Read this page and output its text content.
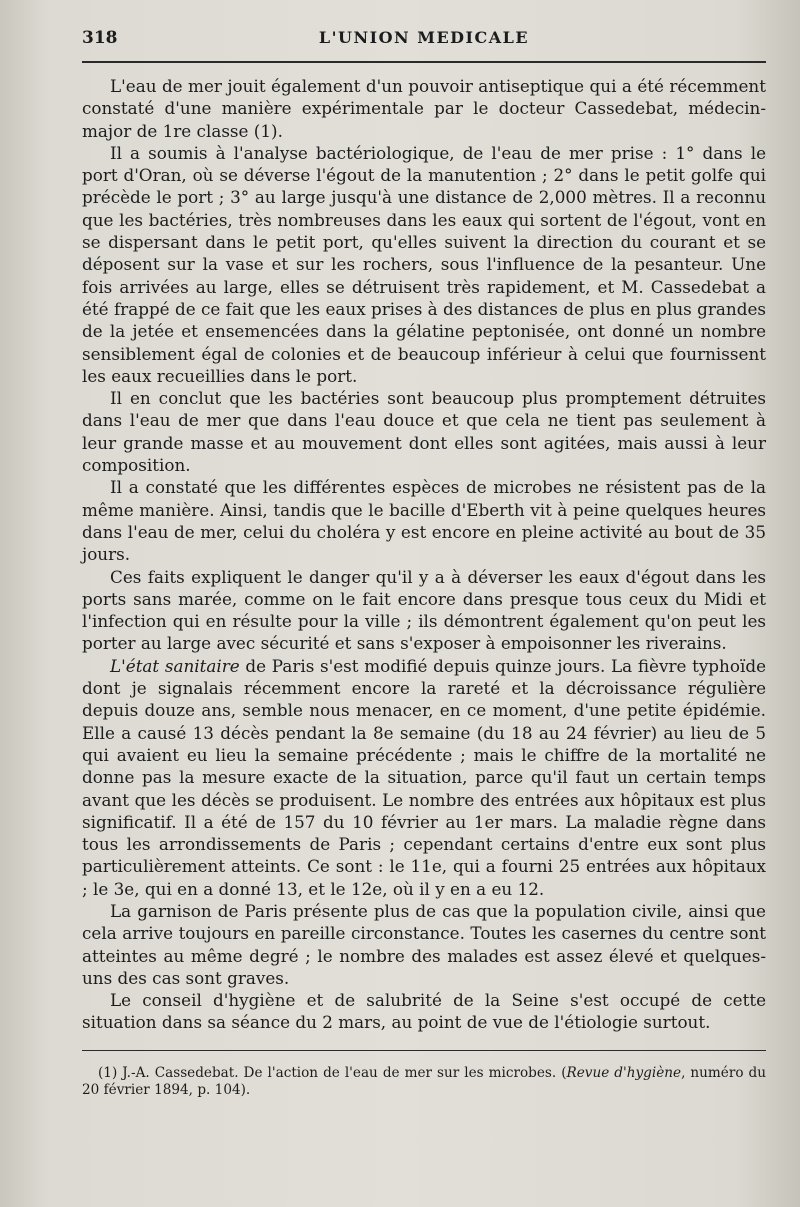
318	L'UNION MEDICALE

L'eau de mer jouit également d'un pouvoir antiseptique qui a été récemment constaté d'une manière expérimentale par le docteur Cassedebat, médecin-major de 1re classe (1).

Il a soumis à l'analyse bactériologique, de l'eau de mer prise : 1° dans le port d'Oran, où se déverse l'égout de la manutention ; 2° dans le petit golfe qui précède le port ; 3° au large jusqu'à une distance de 2,000 mètres. Il a reconnu que les bactéries, très nombreuses dans les eaux qui sortent de l'égout, vont en se dispersant dans le petit port, qu'elles suivent la direction du courant et se déposent sur la vase et sur les rochers, sous l'influence de la pesanteur. Une fois arrivées au large, elles se détruisent très rapidement, et M. Cassedebat a été frappé de ce fait que les eaux prises à des distances de plus en plus grandes de la jetée et ensemencées dans la gélatine peptonisée, ont donné un nombre sensiblement égal de colonies et de beaucoup inférieur à celui que fournissent les eaux recueillies dans le port.

Il en conclut que les bactéries sont beaucoup plus promptement détruites dans l'eau de mer que dans l'eau douce et que cela ne tient pas seulement à leur grande masse et au mouvement dont elles sont agitées, mais aussi à leur composition.

Il a constaté que les différentes espèces de microbes ne résistent pas de la même manière. Ainsi, tandis que le bacille d'Eberth vit à peine quelques heures dans l'eau de mer, celui du choléra y est encore en pleine activité au bout de 35 jours.

Ces faits expliquent le danger qu'il y a à déverser les eaux d'égout dans les ports sans marée, comme on le fait encore dans presque tous ceux du Midi et l'infection qui en résulte pour la ville ; ils démontrent également qu'on peut les porter au large avec sécurité et sans s'exposer à empoisonner les riverains.

L'état sanitaire de Paris s'est modifié depuis quinze jours. La fièvre typhoïde dont je signalais récemment encore la rareté et la décroissance régulière depuis douze ans, semble nous menacer, en ce moment, d'une petite épidémie. Elle a causé 13 décès pendant la 8e semaine (du 18 au 24 février) au lieu de 5 qui avaient eu lieu la semaine précédente ; mais le chiffre de la mortalité ne donne pas la mesure exacte de la situation, parce qu'il faut un certain temps avant que les décès se produisent. Le nombre des entrées aux hôpitaux est plus significatif. Il a été de 157 du 10 février au 1er mars. La maladie règne dans tous les arrondissements de Paris ; cependant certains d'entre eux sont plus particulièrement atteints. Ce sont : le 11e, qui a fourni 25 entrées aux hôpitaux ; le 3e, qui en a donné 13, et le 12e, où il y en a eu 12.

La garnison de Paris présente plus de cas que la population civile, ainsi que cela arrive toujours en pareille circonstance. Toutes les casernes du centre sont atteintes au même degré ; le nombre des malades est assez élevé et quelques-uns des cas sont graves.

Le conseil d'hygiène et de salubrité de la Seine s'est occupé de cette situation dans sa séance du 2 mars, au point de vue de l'étiologie surtout.

(1) J.-A. Cassedebat. De l'action de l'eau de mer sur les microbes. (Revue d'hygiène, numéro du 20 février 1894, p. 104).
